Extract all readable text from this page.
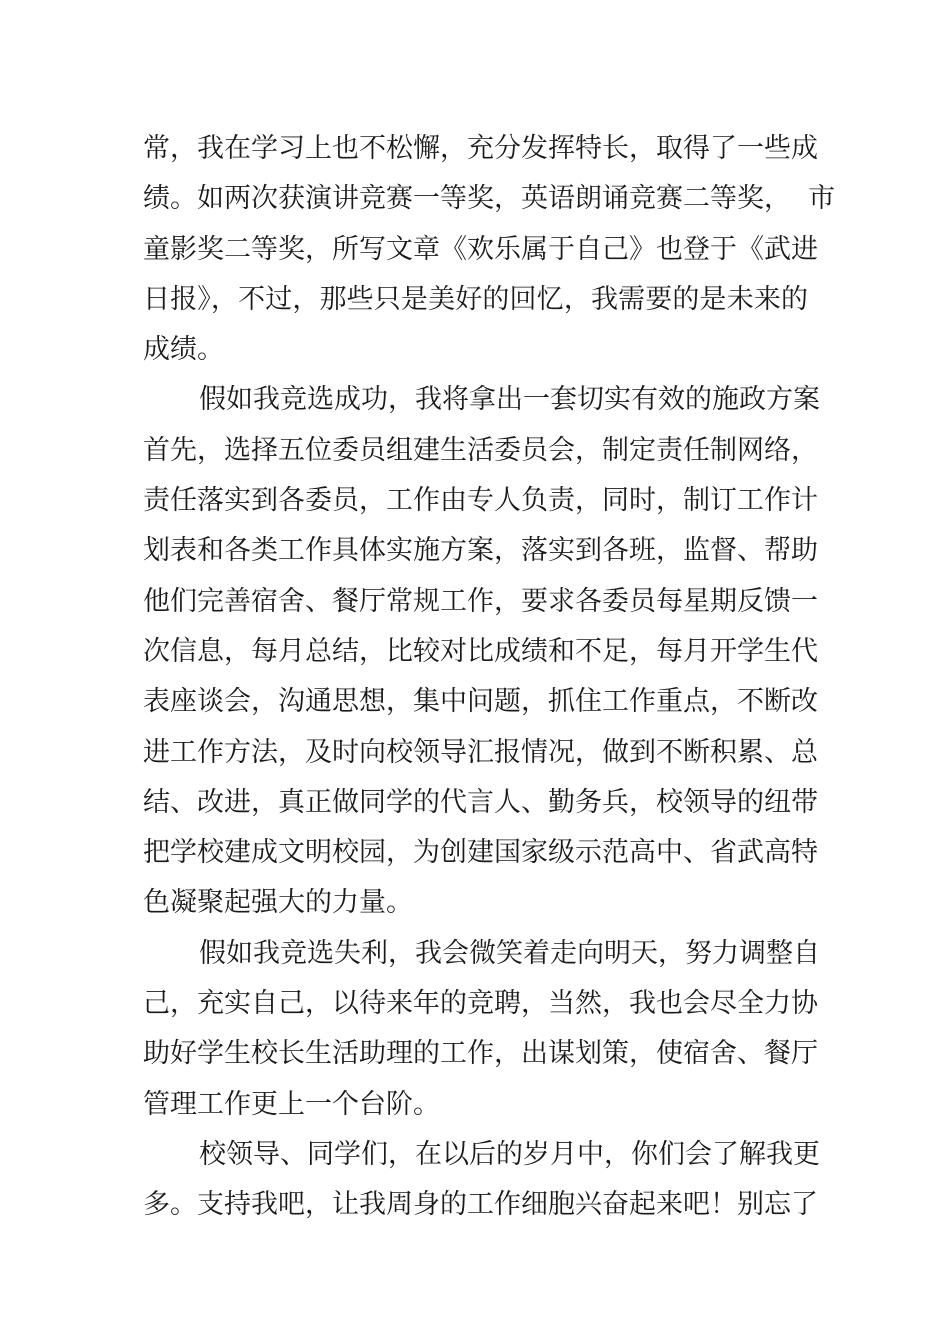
常，我在学习上也不松懈，充分发挥特长，取得了一些成
绩。如两次获演讲竞赛一等奖，英语朗诵竞赛二等奖，  市
童影奖二等奖，所写文章《欢乐属于自己》也登于《武进
日报》，不过，那些只是美好的回忆，我需要的是未来的
成绩。
假如我竞选成功，我将拿出一套切实有效的施政方案
首先，选择五位委员组建生活委员会，制定责任制网络，
责任落实到各委员，工作由专人负责，同时，制订工作计
划表和各类工作具体实施方案，落实到各班，监督、帮助
他们完善宿舍、餐厅常规工作，要求各委员每星期反馈一
次信息，每月总结，比较对比成绩和不足，每月开学生代
表座谈会，沟通思想，集中问题，抓住工作重点，不断改
进工作方法，及时向校领导汇报情况，做到不断积累、总
结、改进，真正做同学的代言人、勤务兵，校领导的纽带
把学校建成文明校园，为创建国家级示范高中、省武高特
色凝聚起强大的力量。
假如我竞选失利，我会微笑着走向明天，努力调整自
己，充实自己，以待来年的竞聘，当然，我也会尽全力协
助好学生校长生活助理的工作，出谋划策，使宿舍、餐厅
管理工作更上一个台阶。
校领导、同学们，在以后的岁月中，你们会了解我更
多。支持我吧，让我周身的工作细胞兴奋起来吧！别忘了
